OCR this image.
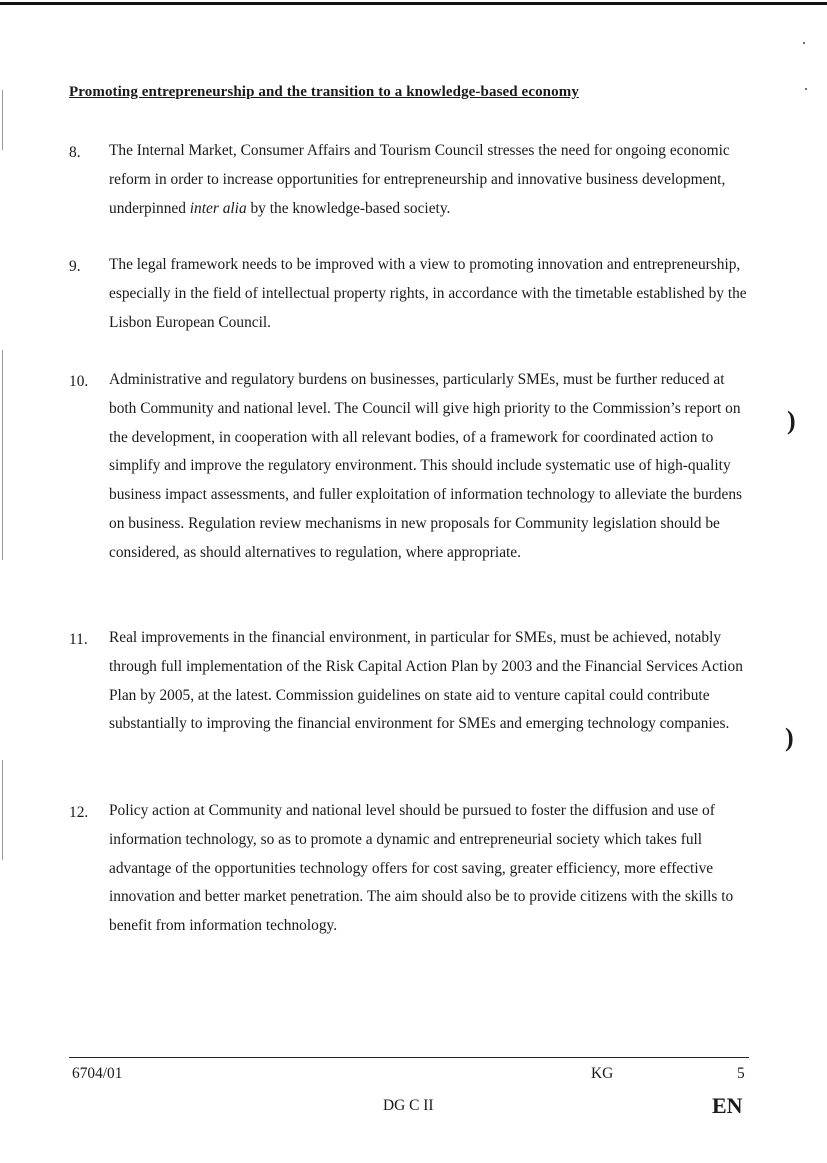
Promoting entrepreneurship and the transition to a knowledge-based economy
8. The Internal Market, Consumer Affairs and Tourism Council stresses the need for ongoing economic reform in order to increase opportunities for entrepreneurship and innovative business development, underpinned inter alia by the knowledge-based society.
9. The legal framework needs to be improved with a view to promoting innovation and entrepreneurship, especially in the field of intellectual property rights, in accordance with the timetable established by the Lisbon European Council.
10. Administrative and regulatory burdens on businesses, particularly SMEs, must be further reduced at both Community and national level. The Council will give high priority to the Commission’s report on the development, in cooperation with all relevant bodies, of a framework for coordinated action to simplify and improve the regulatory environment. This should include systematic use of high-quality business impact assessments, and fuller exploitation of information technology to alleviate the burdens on business. Regulation review mechanisms in new proposals for Community legislation should be considered, as should alternatives to regulation, where appropriate.
11. Real improvements in the financial environment, in particular for SMEs, must be achieved, notably through full implementation of the Risk Capital Action Plan by 2003 and the Financial Services Action Plan by 2005, at the latest. Commission guidelines on state aid to venture capital could contribute substantially to improving the financial environment for SMEs and emerging technology companies.
12. Policy action at Community and national level should be pursued to foster the diffusion and use of information technology, so as to promote a dynamic and entrepreneurial society which takes full advantage of the opportunities technology offers for cost saving, greater efficiency, more effective innovation and better market penetration. The aim should also be to provide citizens with the skills to benefit from information technology.
)
)
6704/01	KG	5
DG C II	EN
